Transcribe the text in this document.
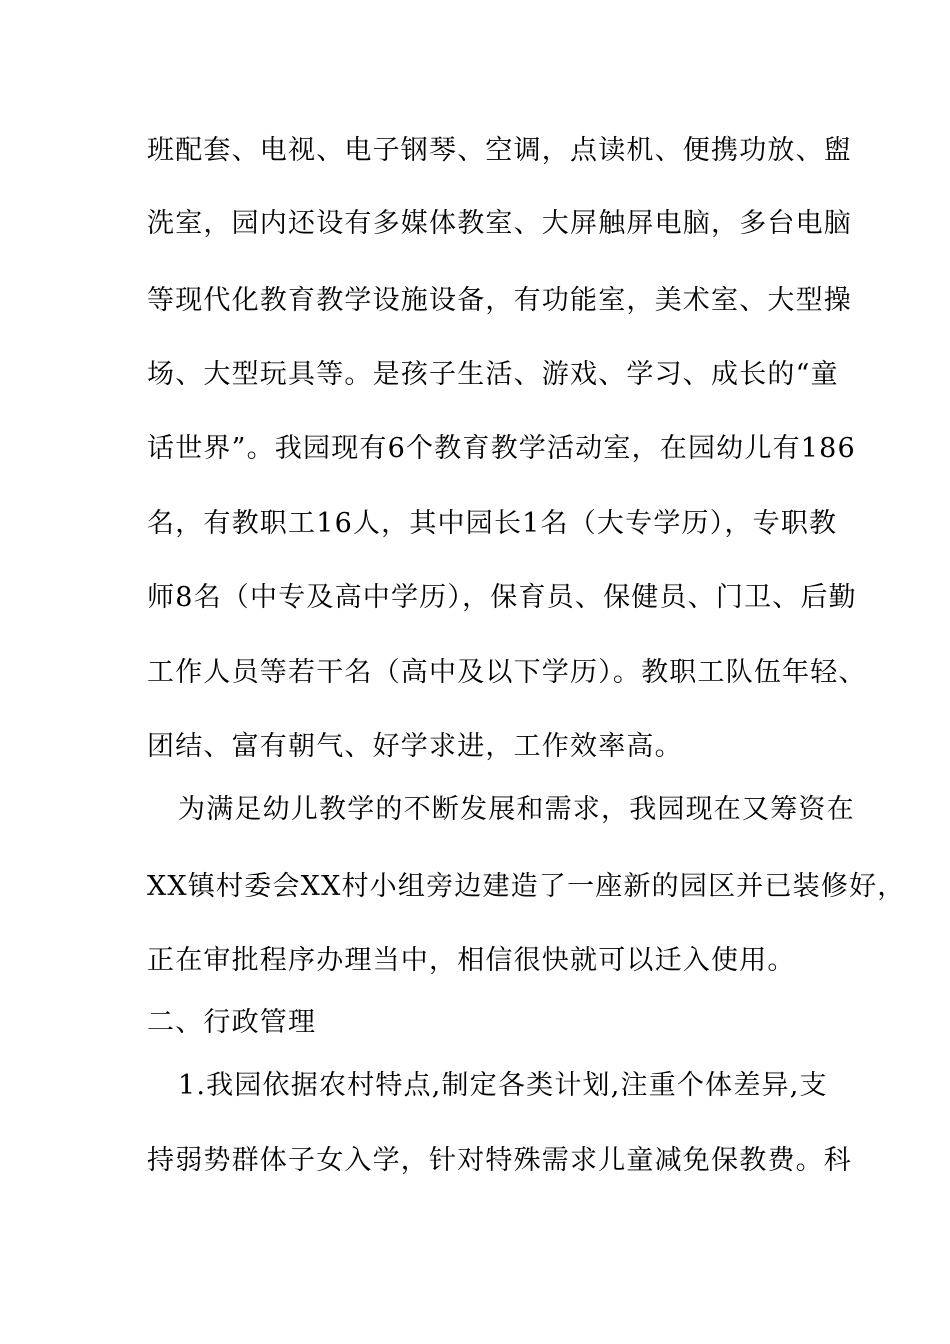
班配套、电视、电子钢琴、空调，点读机、便携功放、盥
洗室，园内还设有多媒体教室、大屏触屏电脑，多台电脑
等现代化教育教学设施设备，有功能室，美术室、大型操
场、大型玩具等。是孩子生活、游戏、学习、成长的“童
话世界”。我园现有6个教育教学活动室，在园幼儿有186
名，有教职工16人，其中园长1名（大专学历），专职教
师8名（中专及高中学历），保育员、保健员、门卫、后勤
工作人员等若干名（高中及以下学历）。教职工队伍年轻、
团结、富有朝气、好学求进，工作效率高。
为满足幼儿教学的不断发展和需求，我园现在又筹资在
XX镇村委会XX村小组旁边建造了一座新的园区并已装修好，
正在审批程序办理当中，相信很快就可以迁入使用。
二、行政管理
1.我园依据农村特点,制定各类计划,注重个体差异,支
持弱势群体子女入学，针对特殊需求儿童减免保教费。科
